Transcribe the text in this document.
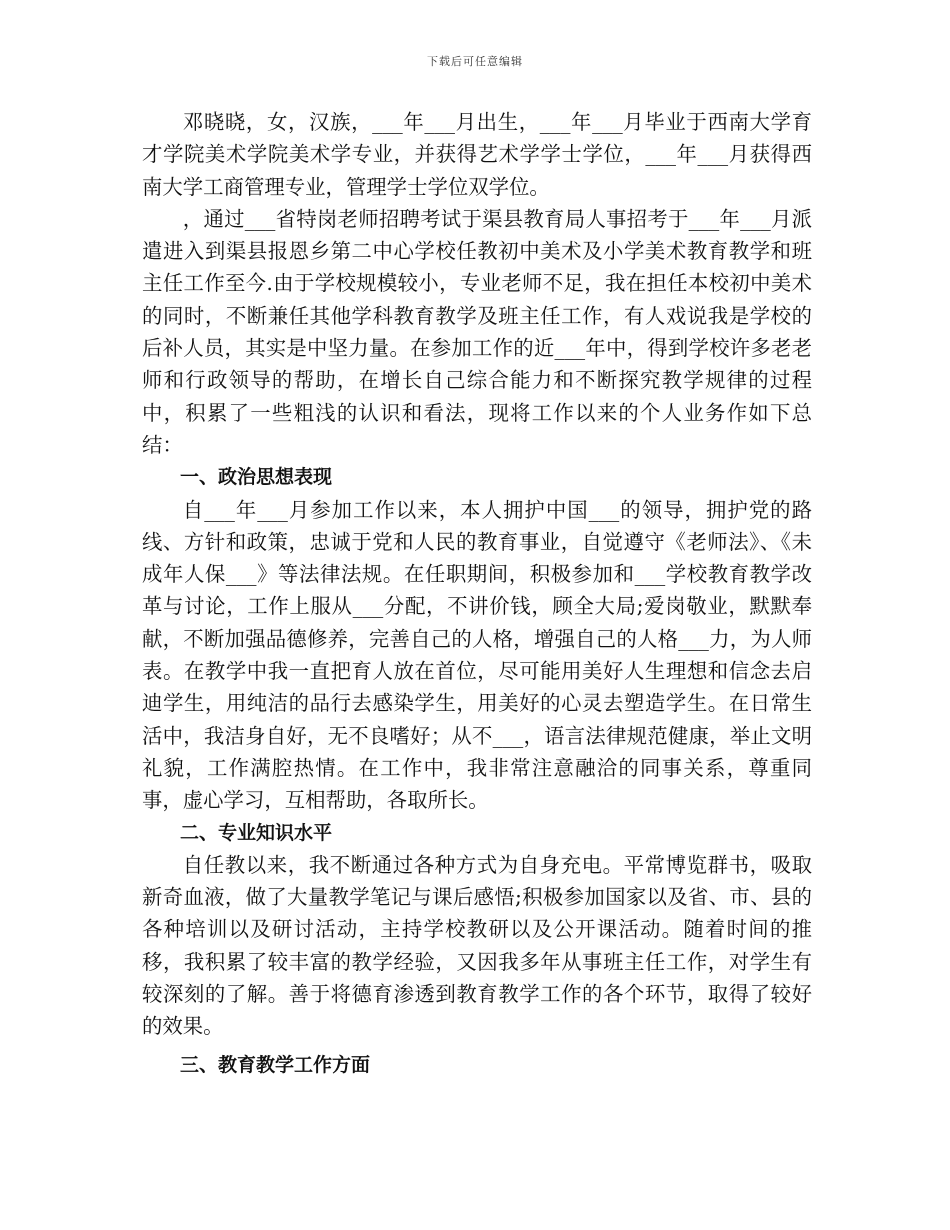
下载后可任意编辑

邓晓晓，女，汉族，___年___月出生，___年___月毕业于西南大学育才学院美术学院美术学专业，并获得艺术学学士学位，___年___月获得西南大学工商管理专业，管理学士学位双学位。

，通过___省特岗老师招聘考试于渠县教育局人事招考于___年___月派遣进入到渠县报恩乡第二中心学校任教初中美术及小学美术教育教学和班主任工作至今.由于学校规模较小，专业老师不足，我在担任本校初中美术的同时，不断兼任其他学科教育教学及班主任工作，有人戏说我是学校的后补人员，其实是中坚力量。在参加工作的近___年中，得到学校许多老老师和行政领导的帮助，在增长自己综合能力和不断探究教学规律的过程中，积累了一些粗浅的认识和看法，现将工作以来的个人业务作如下总结：

一、政治思想表现

自___年___月参加工作以来，本人拥护中国___的领导，拥护党的路线、方针和政策，忠诚于党和人民的教育事业，自觉遵守《老师法》、《未成年人保___》等法律法规。在任职期间，积极参加和___学校教育教学改革与讨论，工作上服从___分配，不讲价钱，顾全大局;爱岗敬业，默默奉献，不断加强品德修养，完善自己的人格，增强自己的人格___力，为人师表。在教学中我一直把育人放在首位，尽可能用美好人生理想和信念去启迪学生，用纯洁的品行去感染学生，用美好的心灵去塑造学生。在日常生活中，我洁身自好，无不良嗜好；从不___，语言法律规范健康，举止文明礼貌，工作满腔热情。在工作中，我非常注意融洽的同事关系，尊重同事，虚心学习，互相帮助，各取所长。

二、专业知识水平

自任教以来，我不断通过各种方式为自身充电。平常博览群书，吸取新奇血液，做了大量教学笔记与课后感悟;积极参加国家以及省、市、县的各种培训以及研讨活动，主持学校教研以及公开课活动。随着时间的推移，我积累了较丰富的教学经验，又因我多年从事班主任工作，对学生有较深刻的了解。善于将德育渗透到教育教学工作的各个环节，取得了较好的效果。

三、教育教学工作方面
